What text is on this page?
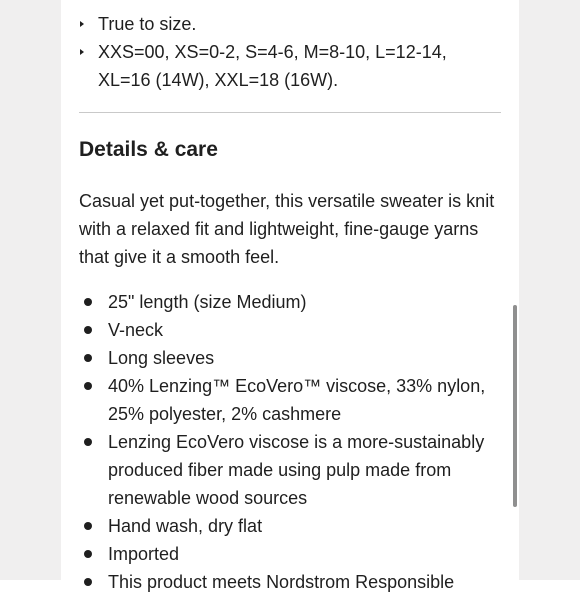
True to size.
XXS=00, XS=0-2, S=4-6, M=8-10, L=12-14, XL=16 (14W), XXL=18 (16W).
Details & care

Casual yet put-together, this versatile sweater is knit with a relaxed fit and lightweight, fine-gauge yarns that give it a smooth feel.

25" length (size Medium)
V-neck
Long sleeves
40% Lenzing™ EcoVero™ viscose, 33% nylon, 25% polyester, 2% cashmere
Lenzing EcoVero viscose is a more-sustainably produced fiber made using pulp made from renewable wood sources
Hand wash, dry flat
Imported
This product meets Nordstrom Responsible
